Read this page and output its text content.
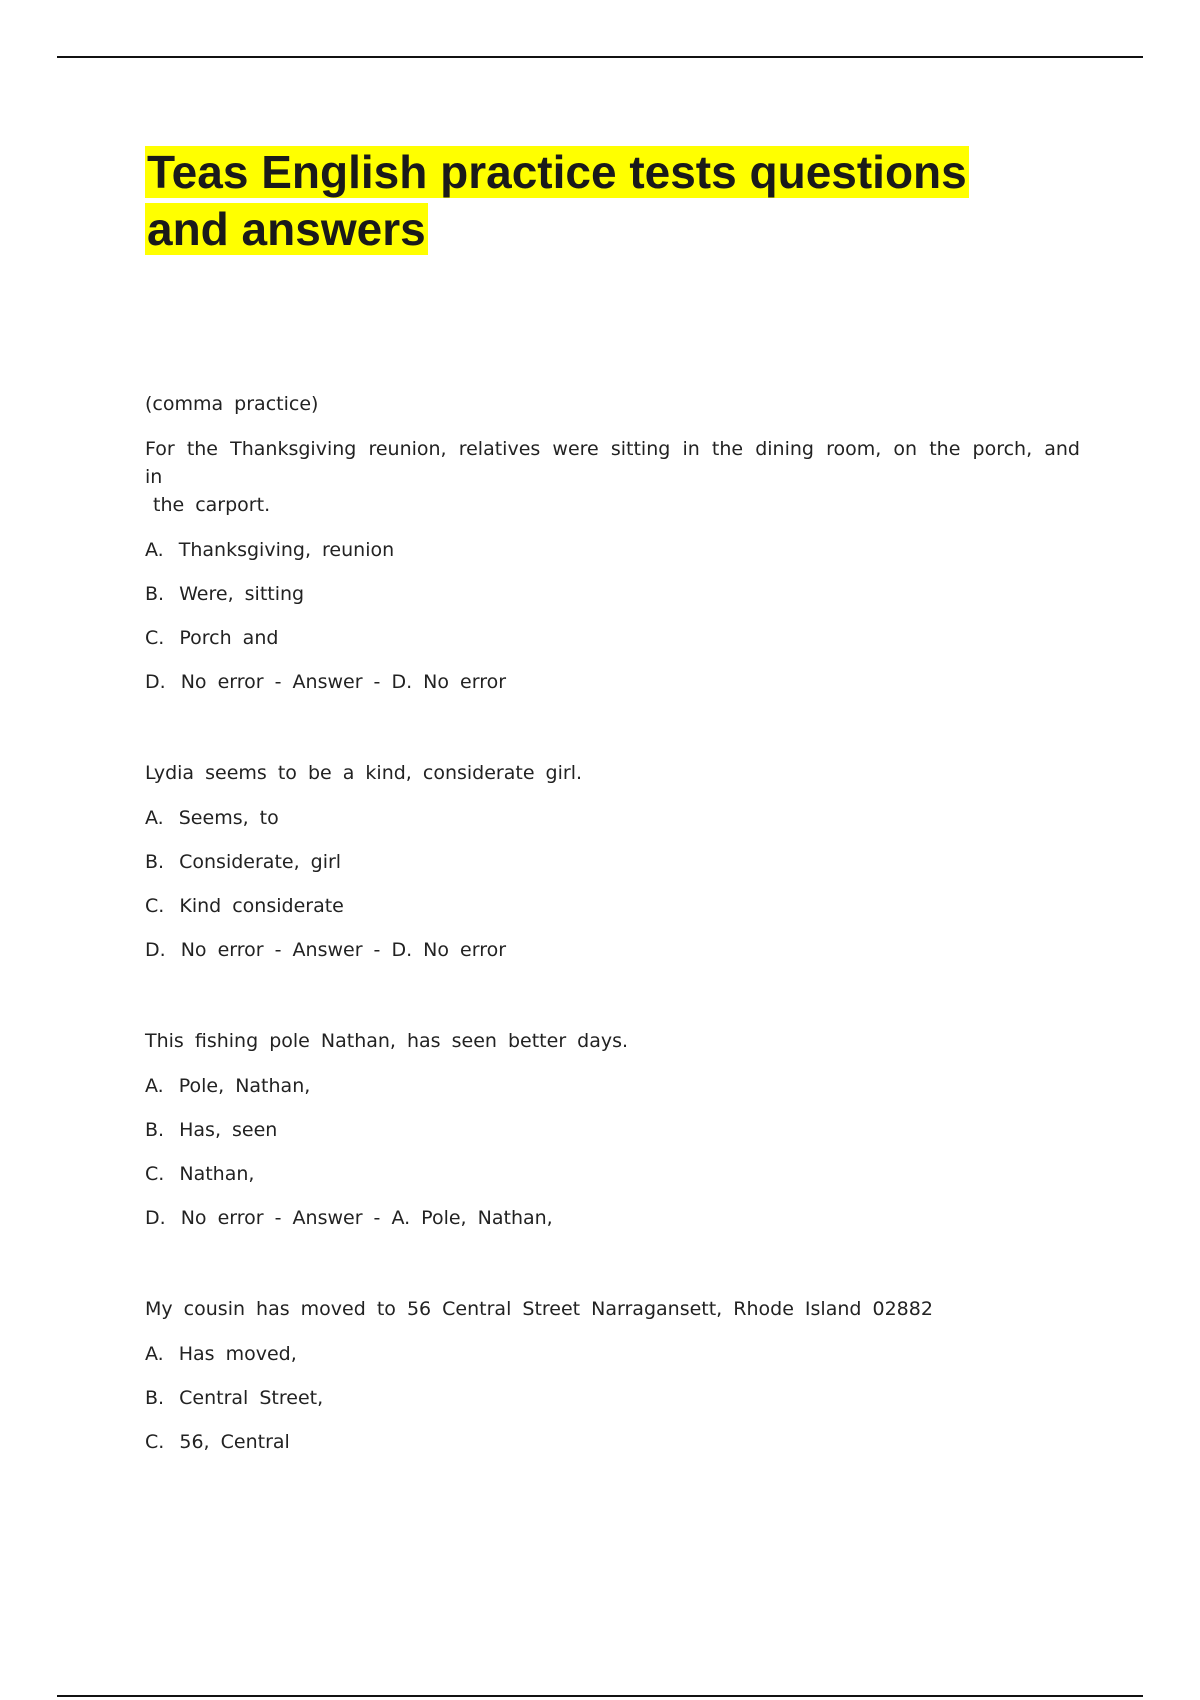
Teas English practice tests questions
and answers

(comma practice)

For the Thanksgiving reunion, relatives were sitting in the dining room, on the porch, and in
the carport.

A. Thanksgiving, reunion

B. Were, sitting

C. Porch and

D. No error - Answer - D. No error

Lydia seems to be a kind, considerate girl.

A. Seems, to

B. Considerate, girl

C. Kind considerate

D. No error - Answer - D. No error

This fishing pole Nathan, has seen better days.

A. Pole, Nathan,

B. Has, seen

C. Nathan,

D. No error - Answer - A. Pole, Nathan,

My cousin has moved to 56 Central Street Narragansett, Rhode Island 02882

A. Has moved,

B. Central Street,

C. 56, Central
